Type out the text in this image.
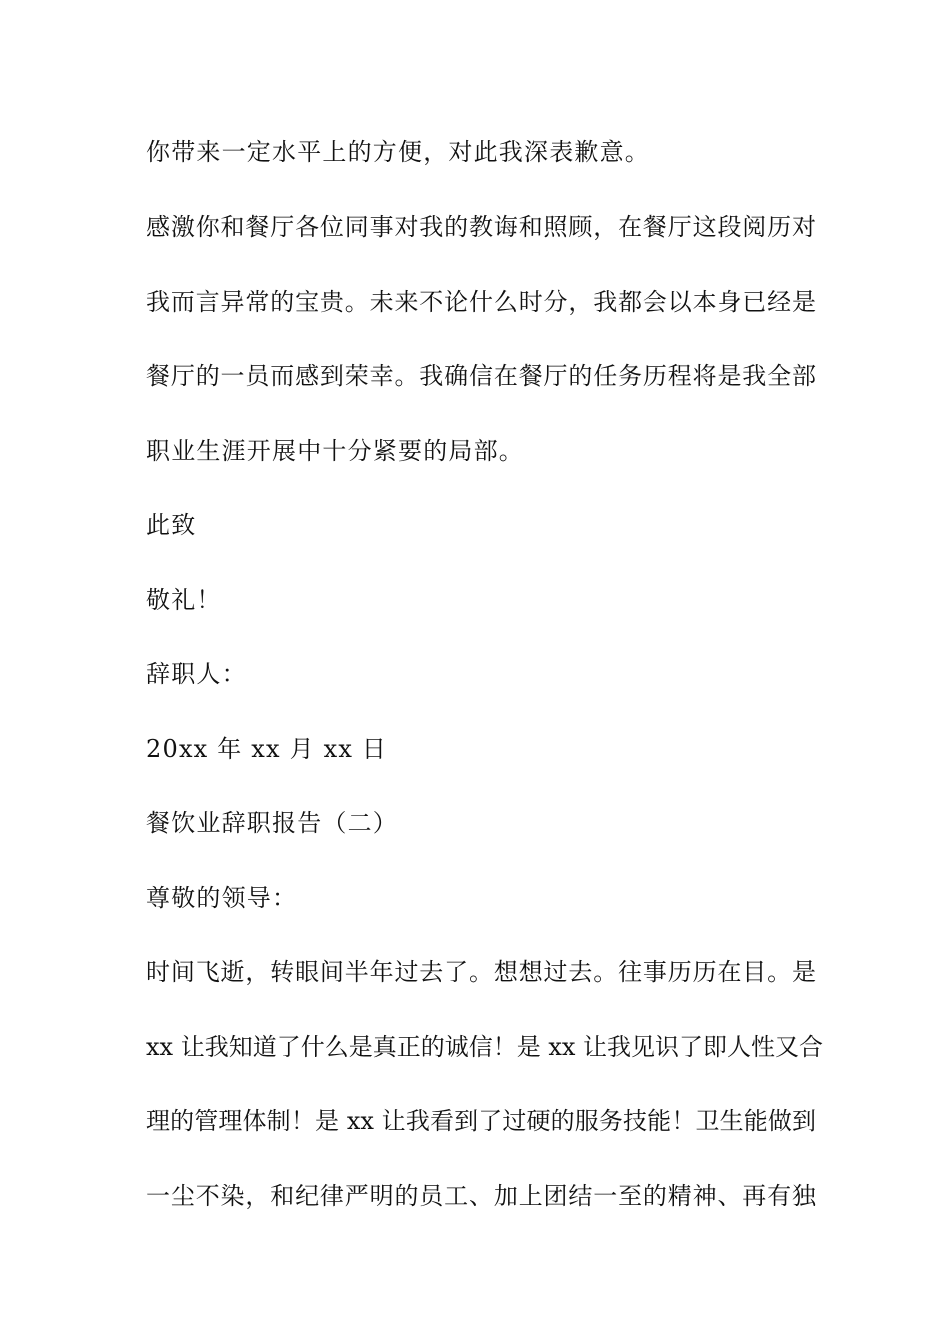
你带来一定水平上的方便，对此我深表歉意。
感激你和餐厅各位同事对我的教诲和照顾，在餐厅这段阅历对
我而言异常的宝贵。未来不论什么时分，我都会以本身已经是
餐厅的一员而感到荣幸。我确信在餐厅的任务历程将是我全部
职业生涯开展中十分紧要的局部。
此致
敬礼！
辞职人：
20xx 年 xx 月 xx 日
餐饮业辞职报告（二）
尊敬的领导：
时间飞逝，转眼间半年过去了。想想过去。往事历历在目。是
xx 让我知道了什么是真正的诚信！是 xx 让我见识了即人性又合
理的管理体制！是 xx 让我看到了过硬的服务技能！卫生能做到
一尘不染，和纪律严明的员工、加上团结一至的精神、再有独
